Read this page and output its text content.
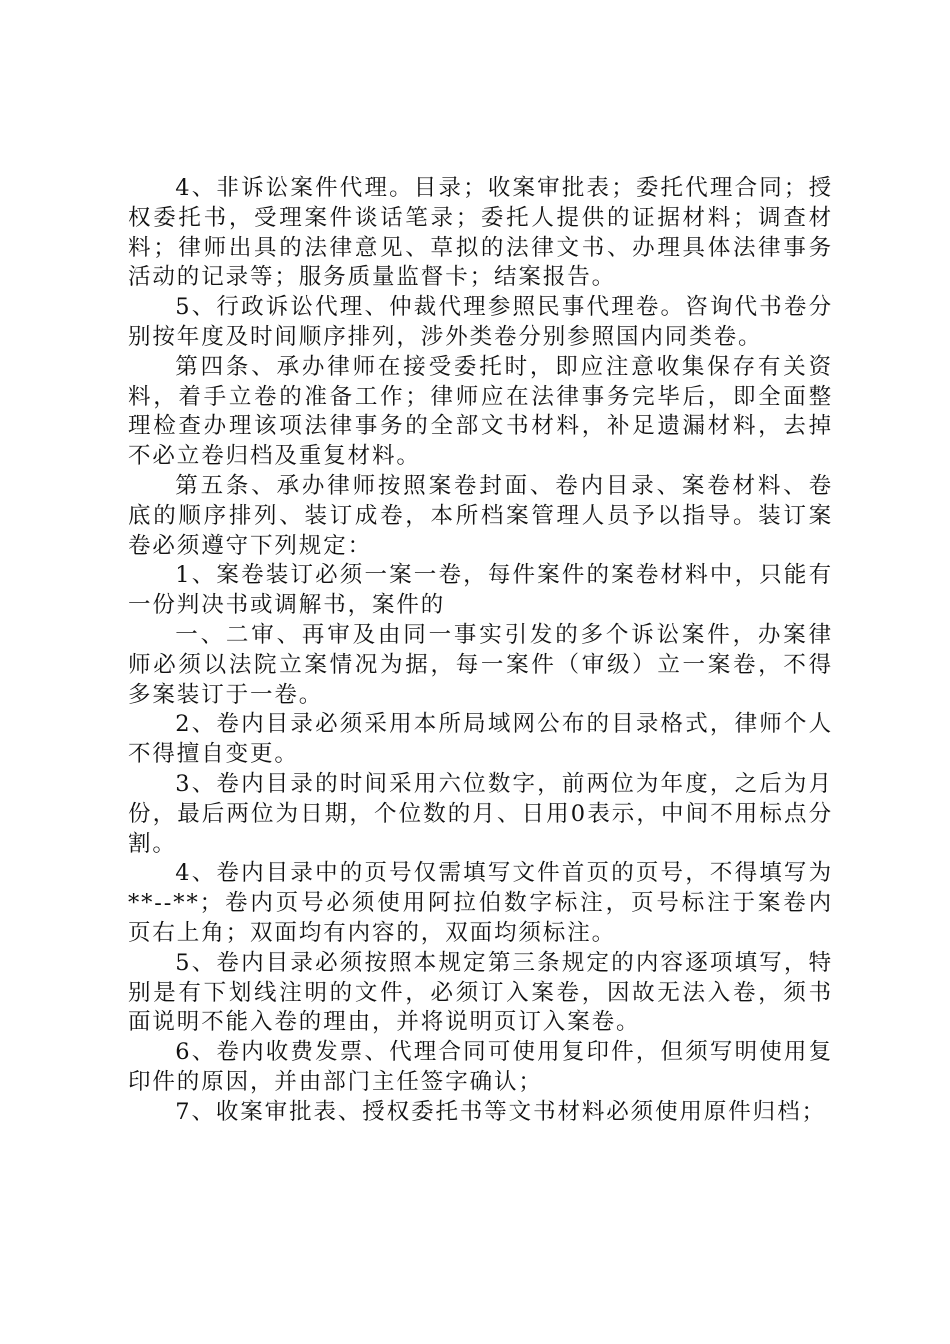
4、非诉讼案件代理。目录；收案审批表；委托代理合同；授权委托书，受理案件谈话笔录；委托人提供的证据材料；调查材料；律师出具的法律意见、草拟的法律文书、办理具体法律事务活动的记录等；服务质量监督卡；结案报告。

5、行政诉讼代理、仲裁代理参照民事代理卷。咨询代书卷分别按年度及时间顺序排列，涉外类卷分别参照国内同类卷。

第四条、承办律师在接受委托时，即应注意收集保存有关资料，着手立卷的准备工作；律师应在法律事务完毕后，即全面整理检查办理该项法律事务的全部文书材料，补足遗漏材料，去掉不必立卷归档及重复材料。

第五条、承办律师按照案卷封面、卷内目录、案卷材料、卷底的顺序排列、装订成卷，本所档案管理人员予以指导。装订案卷必须遵守下列规定：

1、案卷装订必须一案一卷，每件案件的案卷材料中，只能有一份判决书或调解书，案件的

一、二审、再审及由同一事实引发的多个诉讼案件，办案律师必须以法院立案情况为据，每一案件（审级）立一案卷，不得多案装订于一卷。

2、卷内目录必须采用本所局域网公布的目录格式，律师个人不得擅自变更。

3、卷内目录的时间采用六位数字，前两位为年度，之后为月份，最后两位为日期，个位数的月、日用0表示，中间不用标点分割。

4、卷内目录中的页号仅需填写文件首页的页号，不得填写为**--**；卷内页号必须使用阿拉伯数字标注，页号标注于案卷内页右上角；双面均有内容的，双面均须标注。

5、卷内目录必须按照本规定第三条规定的内容逐项填写，特别是有下划线注明的文件，必须订入案卷，因故无法入卷，须书面说明不能入卷的理由，并将说明页订入案卷。

6、卷内收费发票、代理合同可使用复印件，但须写明使用复印件的原因，并由部门主任签字确认；

7、收案审批表、授权委托书等文书材料必须使用原件归档；
